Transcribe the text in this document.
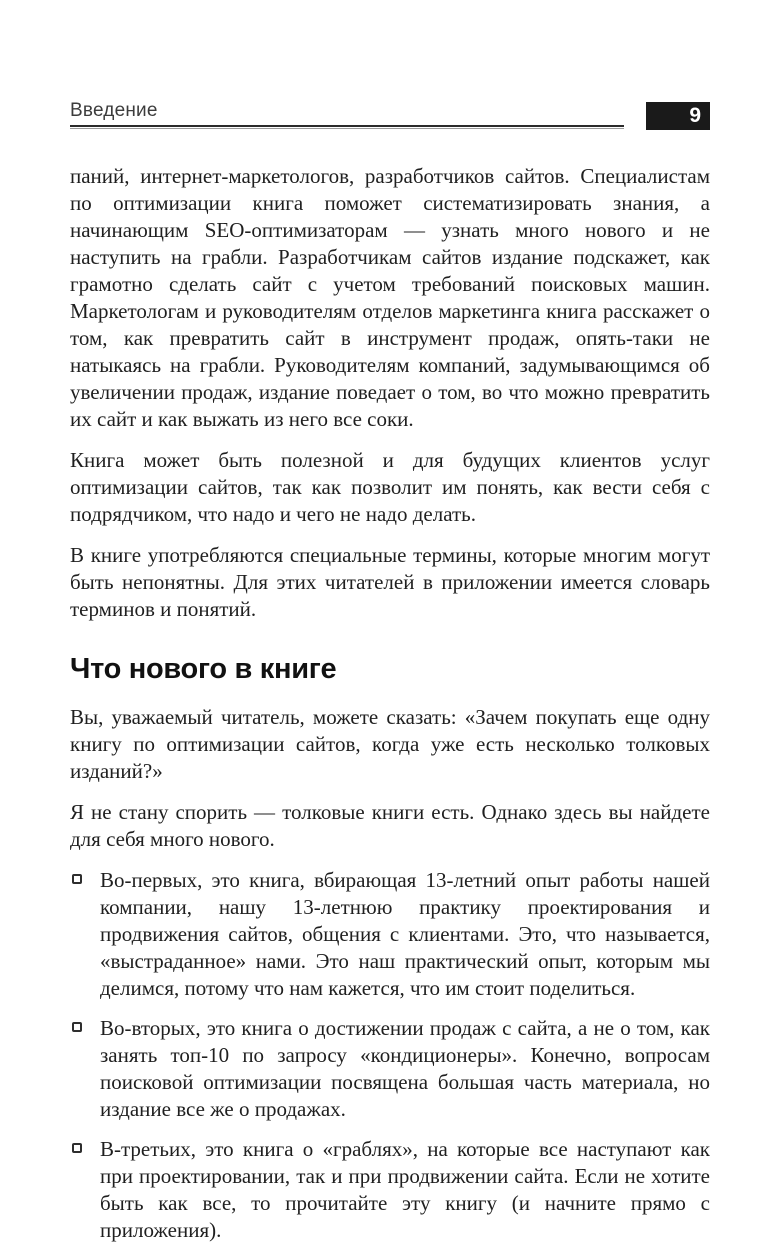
Введение	9

паний, интернет-маркетологов, разработчиков сайтов. Специалистам по оптимизации книга поможет систематизировать знания, а начинающим SEO-оптимизаторам — узнать много нового и не наступить на грабли. Разработчикам сайтов издание подскажет, как грамотно сделать сайт с учетом требований поисковых машин. Маркетологам и руководителям отделов маркетинга книга расскажет о том, как превратить сайт в инструмент продаж, опять-таки не натыкаясь на грабли. Руководителям компаний, задумывающимся об увеличении продаж, издание поведает о том, во что можно превратить их сайт и как выжать из него все соки.

Книга может быть полезной и для будущих клиентов услуг оптимизации сайтов, так как позволит им понять, как вести себя с подрядчиком, что надо и чего не надо делать.

В книге употребляются специальные термины, которые многим могут быть непонятны. Для этих читателей в приложении имеется словарь терминов и понятий.

Что нового в книге

Вы, уважаемый читатель, можете сказать: «Зачем покупать еще одну книгу по оптимизации сайтов, когда уже есть несколько толковых изданий?»

Я не стану спорить — толковые книги есть. Однако здесь вы найдете для себя много нового.

Во-первых, это книга, вбирающая 13-летний опыт работы нашей компании, нашу 13-летнюю практику проектирования и продвижения сайтов, общения с клиентами. Это, что называется, «выстраданное» нами. Это наш практический опыт, которым мы делимся, потому что нам кажется, что им стоит поделиться.
Во-вторых, это книга о достижении продаж с сайта, а не о том, как занять топ-10 по запросу «кондиционеры». Конечно, вопросам поисковой оптимизации посвящена большая часть материала, но издание все же о продажах.
В-третьих, это книга о «граблях», на которые все наступают как при проектировании, так и при продвижении сайта. Если не хотите быть как все, то прочитайте эту книгу (и начните прямо с приложения).
